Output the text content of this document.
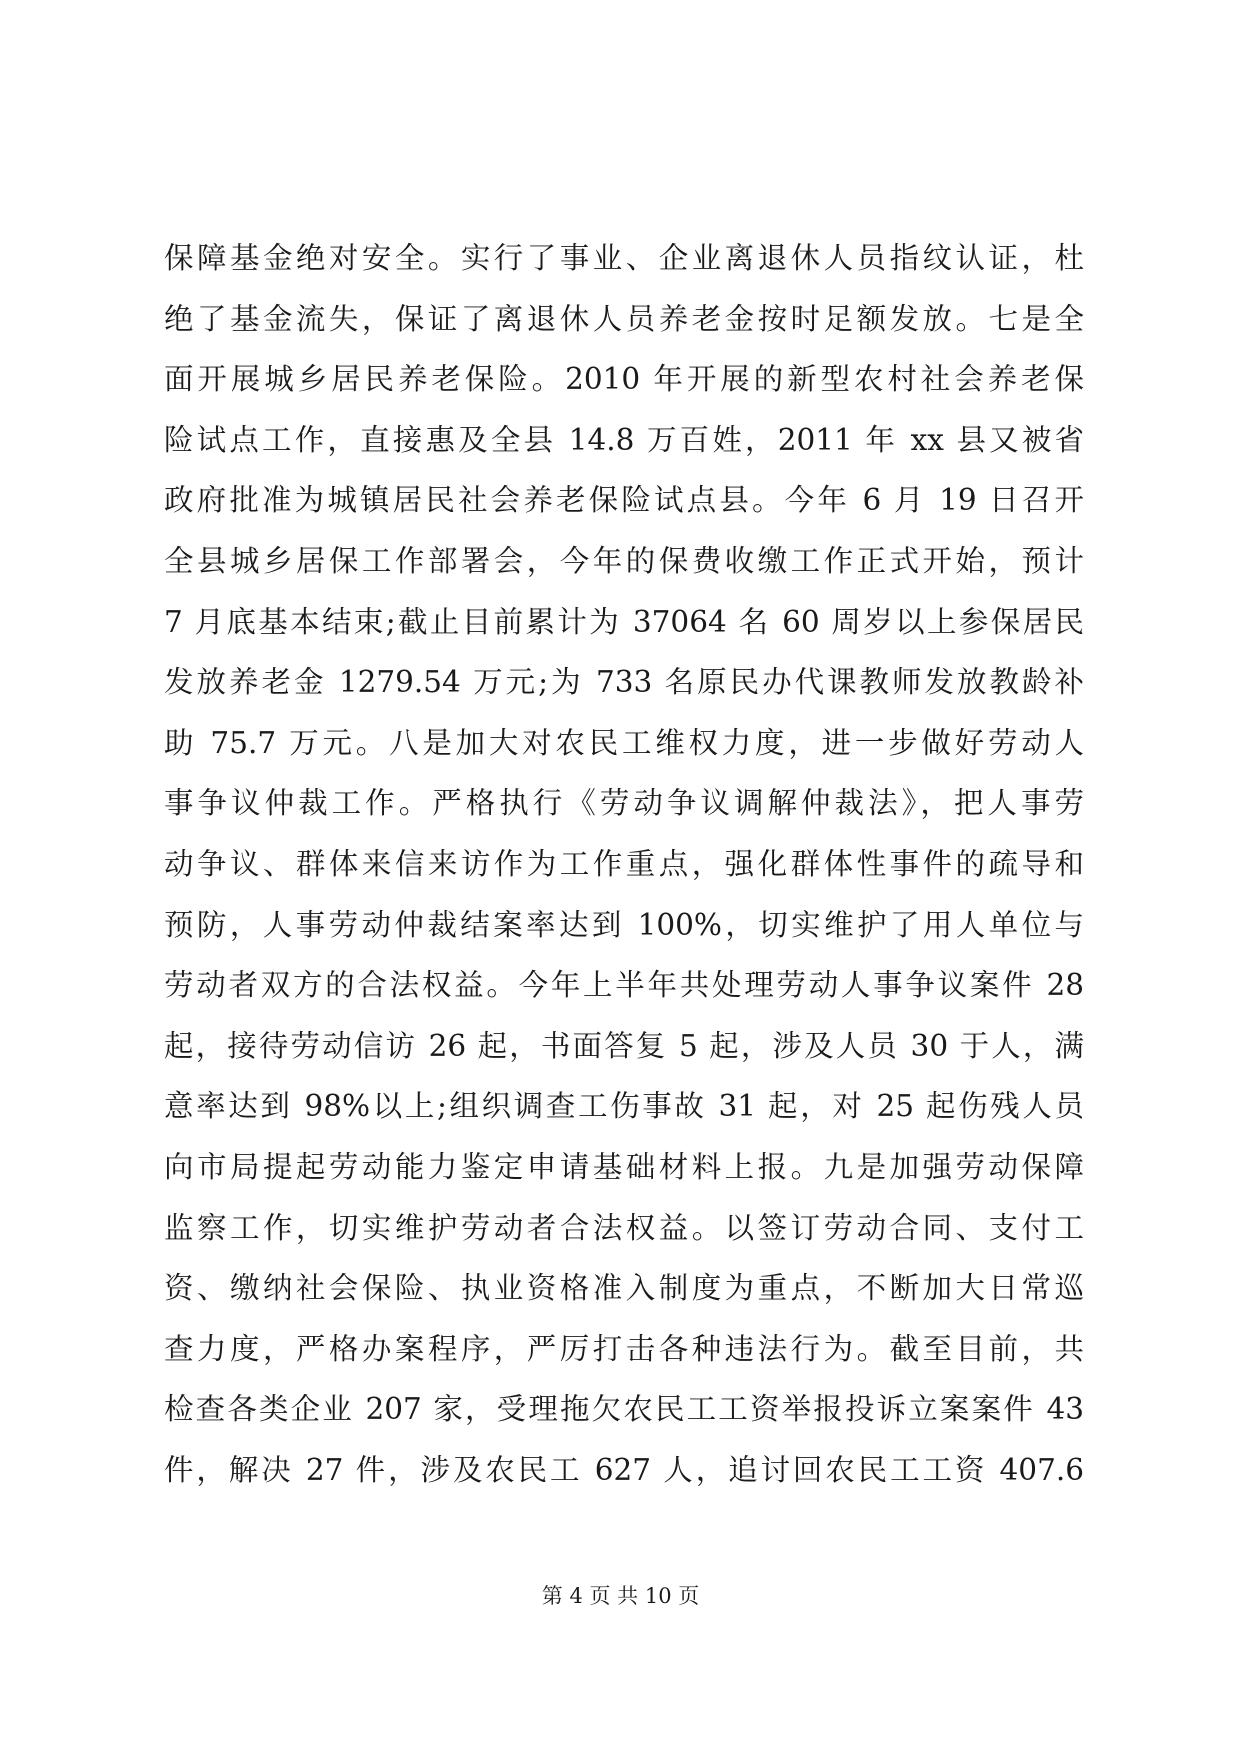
保障基金绝对安全。实行了事业、企业离退休人员指纹认证，杜
绝了基金流失，保证了离退休人员养老金按时足额发放。七是全
面开展城乡居民养老保险。2010 年开展的新型农村社会养老保
险试点工作，直接惠及全县 14.8 万百姓，2011 年 xx 县又被省
政府批准为城镇居民社会养老保险试点县。今年 6 月 19 日召开
全县城乡居保工作部署会，今年的保费收缴工作正式开始，预计
7 月底基本结束;截止目前累计为 37064 名 60 周岁以上参保居民
发放养老金 1279.54 万元;为 733 名原民办代课教师发放教龄补
助 75.7 万元。八是加大对农民工维权力度，进一步做好劳动人
事争议仲裁工作。严格执行《劳动争议调解仲裁法》，把人事劳
动争议、群体来信来访作为工作重点，强化群体性事件的疏导和
预防，人事劳动仲裁结案率达到 100%，切实维护了用人单位与
劳动者双方的合法权益。今年上半年共处理劳动人事争议案件 28
起，接待劳动信访 26 起，书面答复 5 起，涉及人员 30 于人，满
意率达到 98%以上;组织调查工伤事故 31 起，对 25 起伤残人员
向市局提起劳动能力鉴定申请基础材料上报。九是加强劳动保障
监察工作，切实维护劳动者合法权益。以签订劳动合同、支付工
资、缴纳社会保险、执业资格准入制度为重点，不断加大日常巡
查力度，严格办案程序，严厉打击各种违法行为。截至目前，共
检查各类企业 207 家，受理拖欠农民工工资举报投诉立案案件 43
件，解决 27 件，涉及农民工 627 人，追讨回农民工工资 407.6
第 4 页 共 10 页
